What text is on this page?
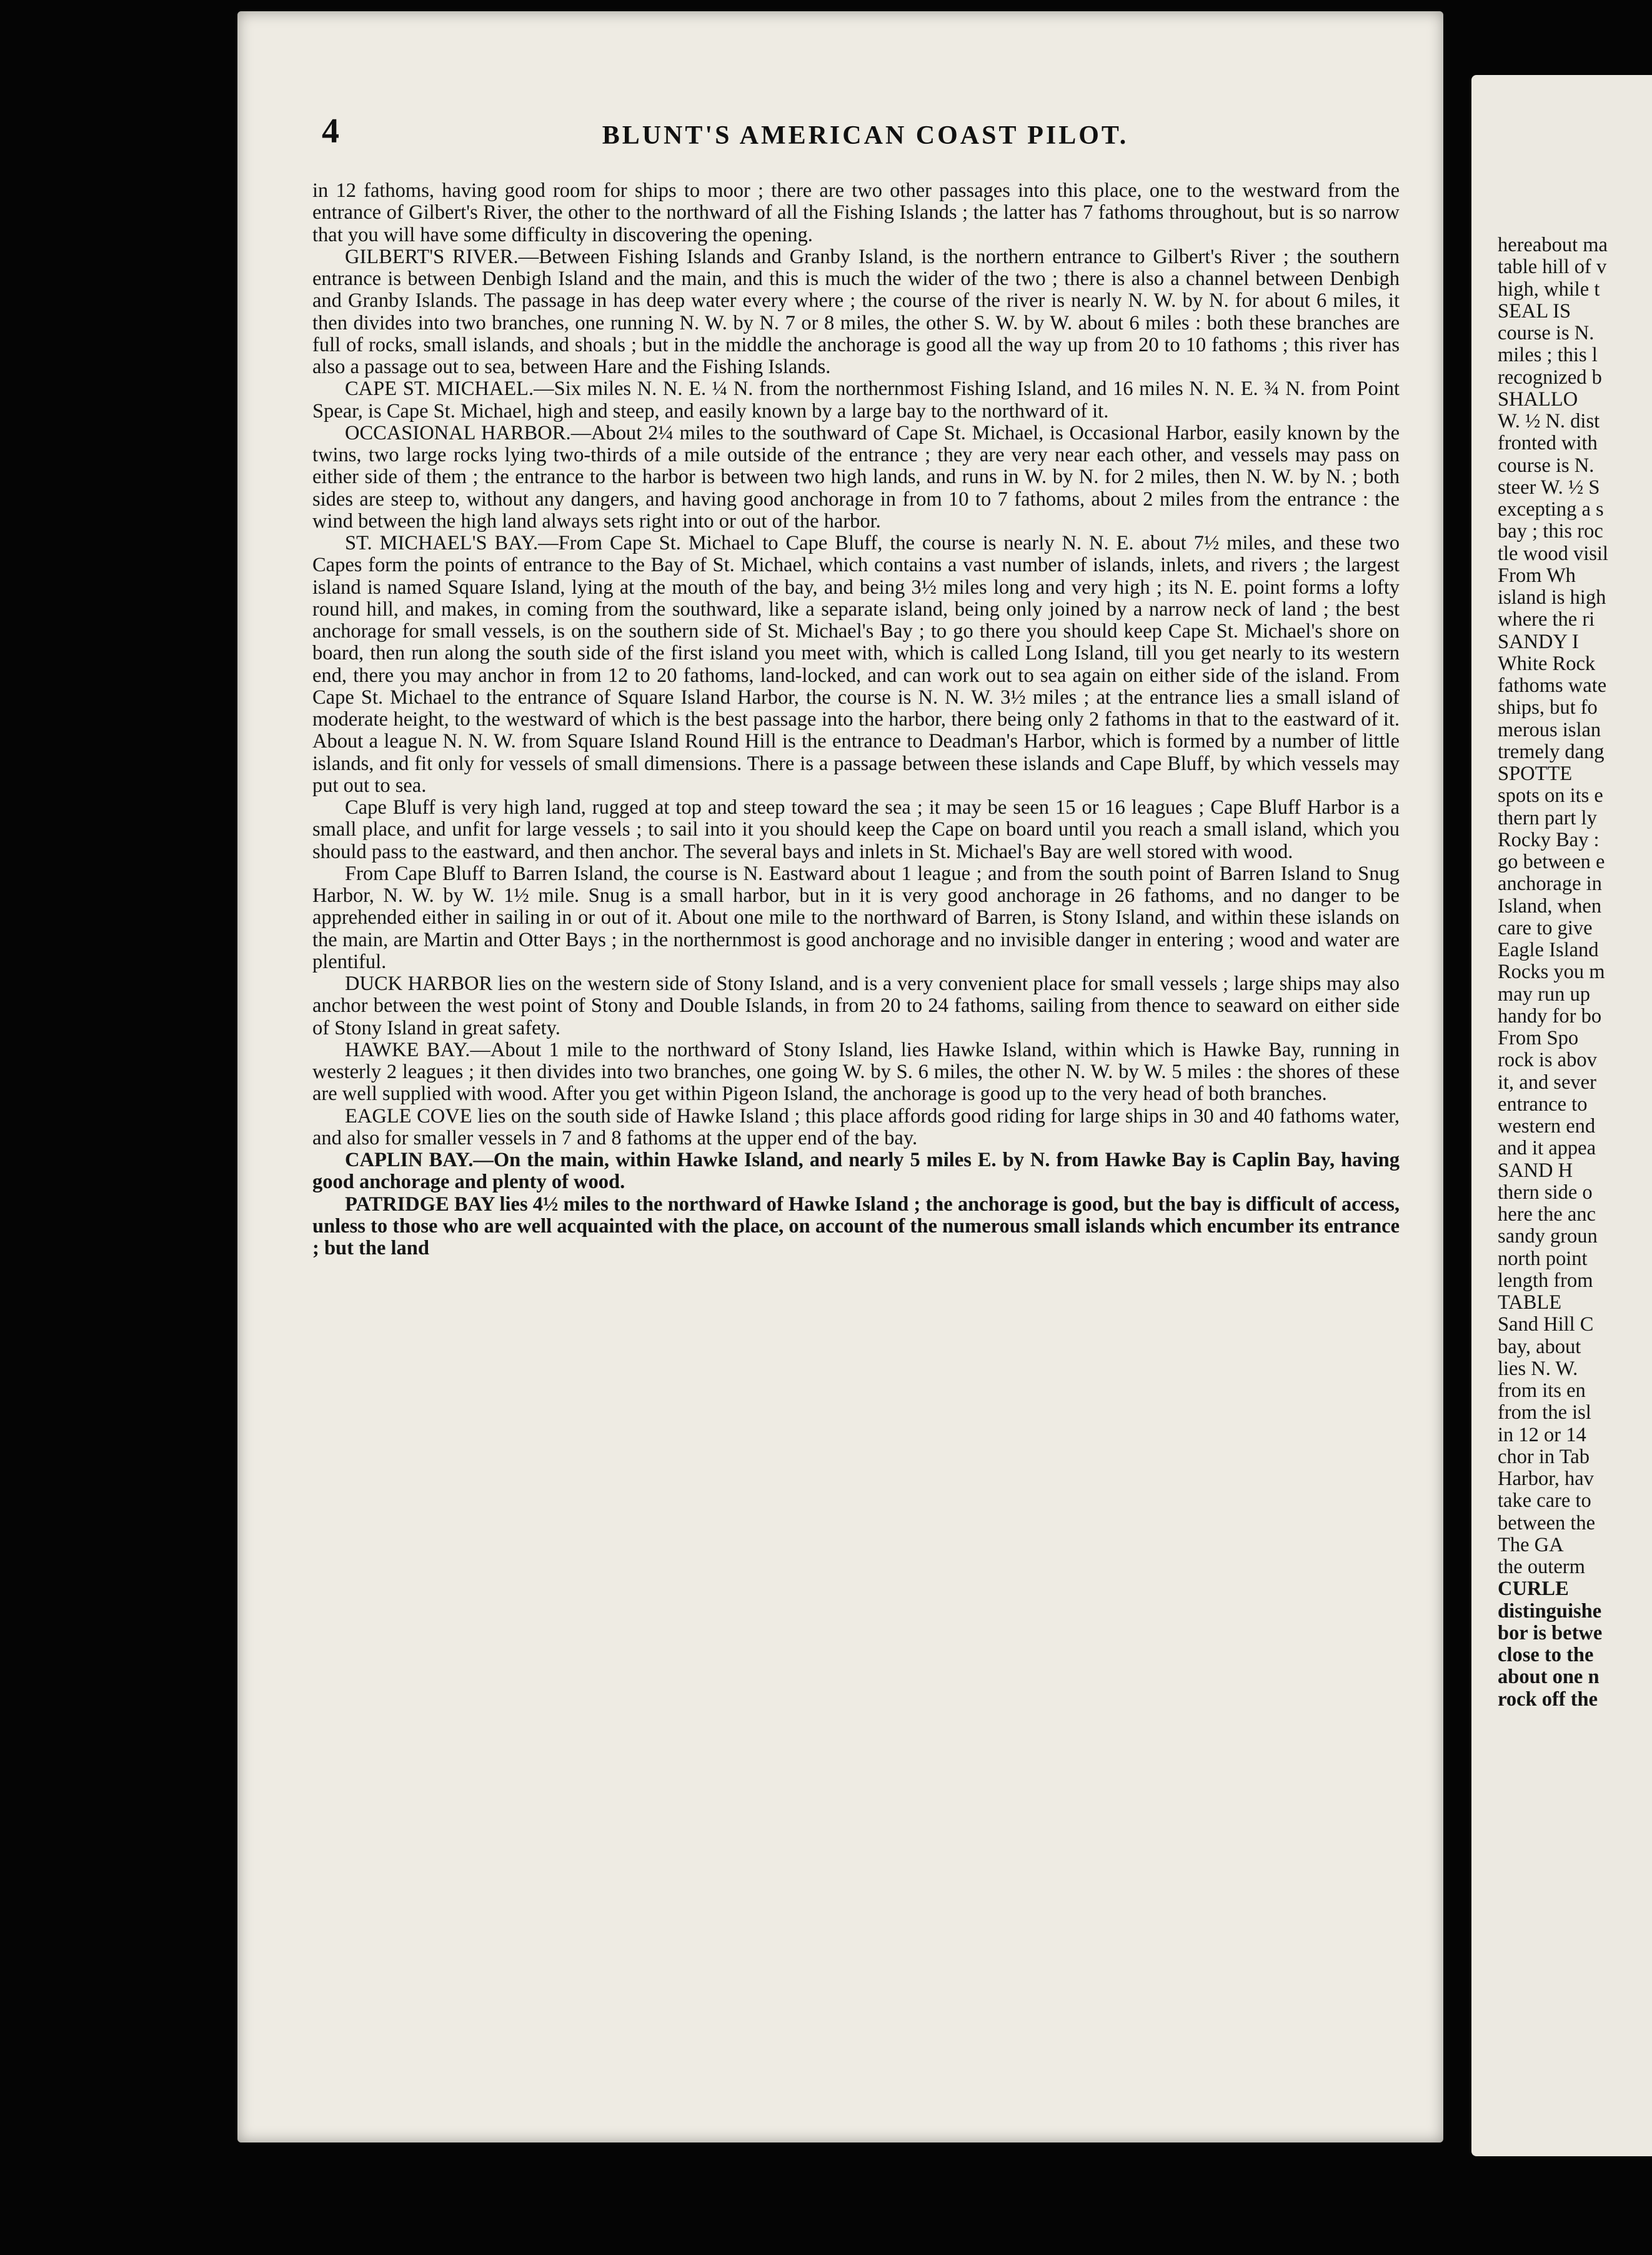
4	BLUNT'S AMERICAN COAST PILOT.

in 12 fathoms, having good room for ships to moor ; there are two other passages into this place, one to the westward from the entrance of Gilbert's River, the other to the northward of all the Fishing Islands ; the latter has 7 fathoms throughout, but is so narrow that you will have some difficulty in discovering the opening.

GILBERT'S RIVER.—Between Fishing Islands and Granby Island, is the northern entrance to Gilbert's River ; the southern entrance is between Denbigh Island and the main, and this is much the wider of the two ; there is also a channel between Denbigh and Granby Islands. The passage in has deep water every where ; the course of the river is nearly N. W. by N. for about 6 miles, it then divides into two branches, one running N. W. by N. 7 or 8 miles, the other S. W. by W. about 6 miles : both these branches are full of rocks, small islands, and shoals ; but in the middle the anchorage is good all the way up from 20 to 10 fathoms ; this river has also a passage out to sea, between Hare and the Fishing Islands.

CAPE ST. MICHAEL.—Six miles N. N. E. ¼ N. from the northernmost Fishing Island, and 16 miles N. N. E. ¾ N. from Point Spear, is Cape St. Michael, high and steep, and easily known by a large bay to the northward of it.

OCCASIONAL HARBOR.—About 2¼ miles to the southward of Cape St. Michael, is Occasional Harbor, easily known by the twins, two large rocks lying two-thirds of a mile outside of the entrance ; they are very near each other, and vessels may pass on either side of them ; the entrance to the harbor is between two high lands, and runs in W. by N. for 2 miles, then N. W. by N. ; both sides are steep to, without any dangers, and having good anchorage in from 10 to 7 fathoms, about 2 miles from the entrance : the wind between the high land always sets right into or out of the harbor.

ST. MICHAEL'S BAY.—From Cape St. Michael to Cape Bluff, the course is nearly N. N. E. about 7½ miles, and these two Capes form the points of entrance to the Bay of St. Michael, which contains a vast number of islands, inlets, and rivers ; the largest island is named Square Island, lying at the mouth of the bay, and being 3½ miles long and very high ; its N. E. point forms a lofty round hill, and makes, in coming from the southward, like a separate island, being only joined by a narrow neck of land ; the best anchorage for small vessels, is on the southern side of St. Michael's Bay ; to go there you should keep Cape St. Michael's shore on board, then run along the south side of the first island you meet with, which is called Long Island, till you get nearly to its western end, there you may anchor in from 12 to 20 fathoms, land-locked, and can work out to sea again on either side of the island. From Cape St. Michael to the entrance of Square Island Harbor, the course is N. N. W. 3½ miles ; at the entrance lies a small island of moderate height, to the westward of which is the best passage into the harbor, there being only 2 fathoms in that to the eastward of it. About a league N. N. W. from Square Island Round Hill is the entrance to Deadman's Harbor, which is formed by a number of little islands, and fit only for vessels of small dimensions. There is a passage between these islands and Cape Bluff, by which vessels may put out to sea.

Cape Bluff is very high land, rugged at top and steep toward the sea ; it may be seen 15 or 16 leagues ; Cape Bluff Harbor is a small place, and unfit for large vessels ; to sail into it you should keep the Cape on board until you reach a small island, which you should pass to the eastward, and then anchor. The several bays and inlets in St. Michael's Bay are well stored with wood.

From Cape Bluff to Barren Island, the course is N. Eastward about 1 league ; and from the south point of Barren Island to Snug Harbor, N. W. by W. 1½ mile. Snug is a small harbor, but in it is very good anchorage in 26 fathoms, and no danger to be apprehended either in sailing in or out of it. About one mile to the northward of Barren, is Stony Island, and within these islands on the main, are Martin and Otter Bays ; in the northernmost is good anchorage and no invisible danger in entering ; wood and water are plentiful.

DUCK HARBOR lies on the western side of Stony Island, and is a very convenient place for small vessels ; large ships may also anchor between the west point of Stony and Double Islands, in from 20 to 24 fathoms, sailing from thence to seaward on either side of Stony Island in great safety.

HAWKE BAY.—About 1 mile to the northward of Stony Island, lies Hawke Island, within which is Hawke Bay, running in westerly 2 leagues ; it then divides into two branches, one going W. by S. 6 miles, the other N. W. by W. 5 miles : the shores of these are well supplied with wood. After you get within Pigeon Island, the anchorage is good up to the very head of both branches.

EAGLE COVE lies on the south side of Hawke Island ; this place affords good riding for large ships in 30 and 40 fathoms water, and also for smaller vessels in 7 and 8 fathoms at the upper end of the bay.

CAPLIN BAY.—On the main, within Hawke Island, and nearly 5 miles E. by N. from Hawke Bay is Caplin Bay, having good anchorage and plenty of wood.

PATRIDGE BAY lies 4½ miles to the northward of Hawke Island ; the anchorage is good, but the bay is difficult of access, unless to those who are well acquainted with the place, on account of the numerous small islands which encumber its entrance ; but the land

hereabout ma
table hill of v
high, while t
SEAL IS
course is N.
miles ; this l
recognized b
SHALLO
W. ½ N. dist
fronted with
course is N.
steer W. ½ S
excepting a s
bay ; this roc
tle wood visil
From Wh
island is high
where the ri
SANDY I
White Rock
fathoms wate
ships, but fo
merous islan
tremely dang
SPOTTE
spots on its e
thern part ly
Rocky Bay :
go between e
anchorage in
Island, when
care to give
Eagle Island
Rocks you m
may run up
handy for bo
From Spo
rock is abov
it, and sever
entrance to
western end
and it appea
SAND H
thern side o
here the anc
sandy groun
north point
length from
TABLE
Sand Hill C
bay, about
lies N. W.
from its en
from the isl
in 12 or 14
chor in Tab
Harbor, hav
take care to
between the
The GA
the outerm
CURLE
distinguishe
bor is betwe
close to the
about one n
rock off the
